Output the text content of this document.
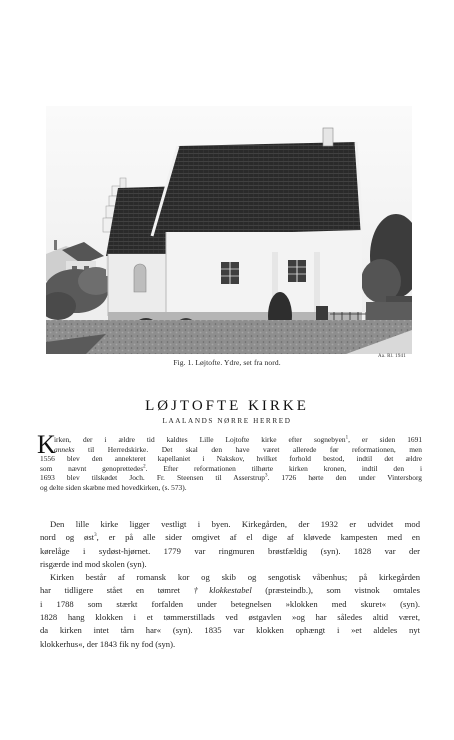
Aa. Rl. 1941
Fig. 1. Løjtofte. Ydre, set fra nord.
LØJTOFTE KIRKE
LAALANDS NØRRE HERRED
K
irken, der i ældre tid kaldtes Lille Lojtofte kirke efter sognebyen$^1$, er siden 1691
anneks til Herredskirke. Det skal den have været allerede før reformationen, men
1556 blev den annekteret kapellaniet i Nakskov, hvilket forhold bestod, indtil det ældre
som nævnt genoprettedes$^2$. Efter reformationen tilhørte kirken kronen, indtil den i
1693 blev tilskødet Joch. Fr. Steensen til Asserstrup$^3$. 1726 hørte den under Vintersborg
og delte siden skæbne med hovedkirken, (s. 573).
Den lille kirke ligger vestligt i byen. Kirkegården, der 1932 er udvidet mod
nord og øst$^3$, er på alle sider omgivet af el dige af kløvede kampesten med en
kørelåge i sydøst-hjørnet. 1779 var ringmuren brøstfældig (syn). 1828 var der
risgærde ind mod skolen (syn).
Kirken består af romansk kor og skib og sengotisk våbenhus; på kirkegården
har tidligere stået en tømret †klokkestabel (præsteindb.), som vistnok omtales
i 1788 som stærkt forfalden under betegnelsen »klokken med skuret« (syn).
1828 hang klokken i et tømmerstillads ved østgavlen »og har således altid været,
da kirken intet tårn har« (syn). 1835 var klokken ophængt i »et aldeles nyt
klokkerhus«, der 1843 fik ny fod (syn).
